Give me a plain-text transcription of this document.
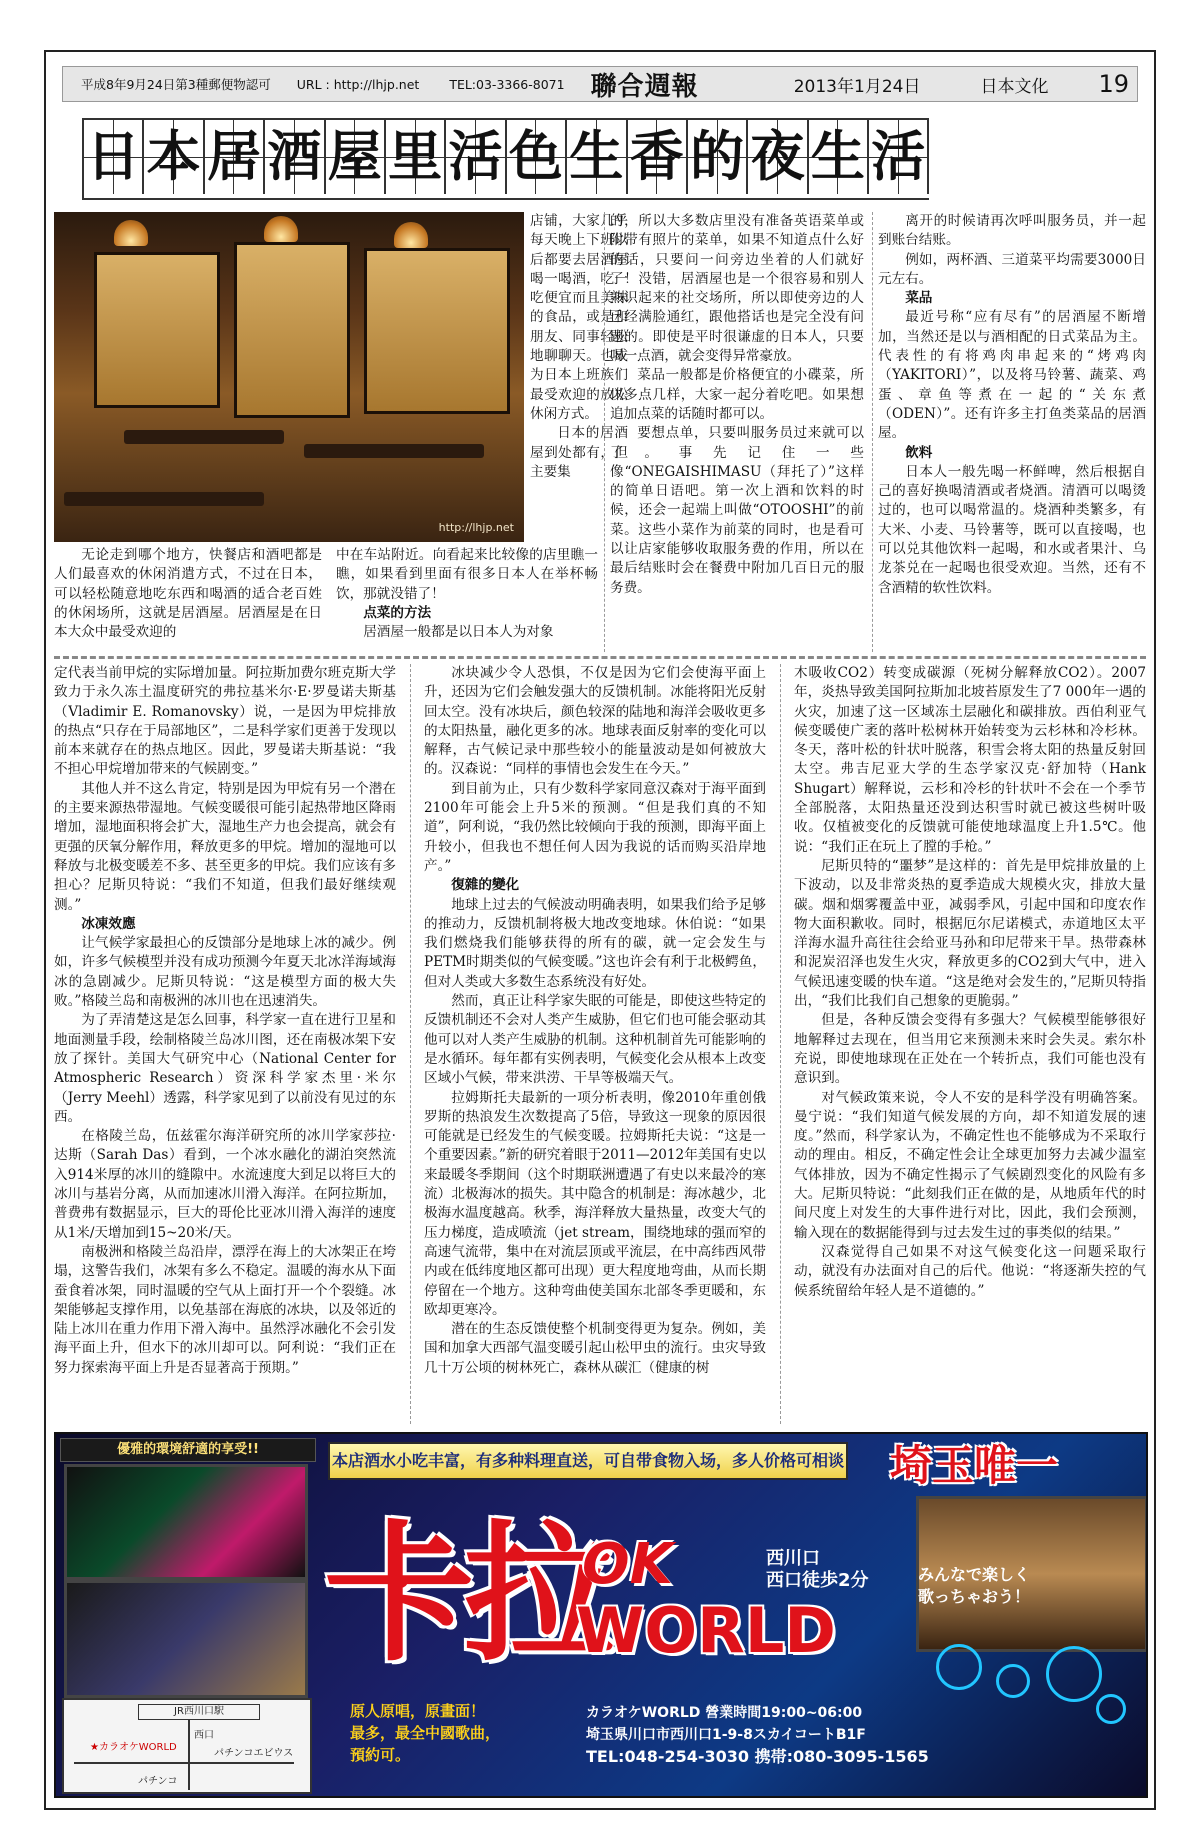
平成8年9月24日第3種郵便物認可	URL : http://lhjp.net	TEL:03-3366-8071	聯合週報	2013年1月24日	日本文化	19
日 本 居 酒 屋 里 活 色 生 香 的 夜 生 活
http://lhjp.net

店铺，大家几乎每天晚上下班以后都要去居酒屋喝一喝酒，吃一吃便宜而且美味的食品，或是和朋友、同事轻松地聊聊天。也成为日本上班族们最受欢迎的放松休闲方式。

日本的居酒屋到处都有，但主要集

无论走到哪个地方，快餐店和酒吧都是人们最喜欢的休闲消遣方式，不过在日本，可以轻松随意地吃东西和喝酒的适合老百姓的休闲场所，这就是居酒屋。居酒屋是在日本大众中最受欢迎的

中在车站附近。向看起来比较像的店里瞧一瞧，如果看到里面有很多日本人在举杯畅饮，那就没错了！

点菜的方法

居酒屋一般都是以日本人为对象

的，所以大多数店里没有准备英语菜单或附带有照片的菜单，如果不知道点什么好的话，只要问一问旁边坐着的人们就好了！没错，居酒屋也是一个很容易和别人熟识起来的社交场所，所以即使旁边的人已经满脸通红，跟他搭话也是完全没有问题的。即使是平时很谦虚的日本人，只要喝一点酒，就会变得异常豪放。

菜品一般都是价格便宜的小碟菜，所以多点几样，大家一起分着吃吧。如果想追加点菜的话随时都可以。

要想点单，只要叫服务员过来就可以了。事先记住一些像“ONEGAISHIMASU（拜托了）”这样的简单日语吧。第一次上酒和饮料的时候，还会一起端上叫做“OTOOSHI”的前菜。这些小菜作为前菜的同时，也是看可以让店家能够收取服务费的作用，所以在最后结账时会在餐费中附加几百日元的服务费。

离开的时候请再次呼叫服务员，并一起到账台结账。

例如，两杯酒、三道菜平均需要3000日元左右。

菜品

最近号称“应有尽有”的居酒屋不断增加，当然还是以与酒相配的日式菜品为主。代表性的有将鸡肉串起来的“烤鸡肉（YAKITORI）”，以及将马铃薯、蔬菜、鸡蛋、章鱼等煮在一起的“关东煮（ODEN）”。还有许多主打鱼类菜品的居酒屋。

飲料

日本人一般先喝一杯鲜啤，然后根据自己的喜好换喝清酒或者烧酒。清酒可以喝烫过的，也可以喝常温的。烧酒种类繁多，有大米、小麦、马铃薯等，既可以直接喝，也可以兑其他饮料一起喝，和水或者果汁、乌龙茶兑在一起喝也很受欢迎。当然，还有不含酒精的软性饮料。

定代表当前甲烷的实际增加量。阿拉斯加费尔班克斯大学致力于永久冻土温度研究的弗拉基米尔·E·罗曼诺夫斯基（Vladimir E. Romanovsky）说，一是因为甲烷排放的热点“只存在于局部地区”，二是科学家们更善于发现以前本来就存在的热点地区。因此，罗曼诺夫斯基说：“我不担心甲烷增加带来的气候剧变。”

其他人并不这么肯定，特别是因为甲烷有另一个潜在的主要来源热带湿地。气候变暖很可能引起热带地区降雨增加，湿地面积将会扩大，湿地生产力也会提高，就会有更强的厌氧分解作用，释放更多的甲烷。增加的湿地可以释放与北极变暖差不多、甚至更多的甲烷。我们应该有多担心？尼斯贝特说：“我们不知道，但我们最好继续观测。”

冰凍效應

让气候学家最担心的反馈部分是地球上冰的减少。例如，许多气候模型并没有成功预测今年夏天北冰洋海域海冰的急剧减少。尼斯贝特说：“这是模型方面的极大失败。”格陵兰岛和南极洲的冰川也在迅速消失。

为了弄清楚这是怎么回事，科学家一直在进行卫星和地面测量手段，绘制格陵兰岛冰川图，还在南极冰架下安放了探针。美国大气研究中心（National Center for Atmospheric Research）资深科学家杰里·米尔（Jerry Meehl）透露，科学家见到了以前没有见过的东西。

在格陵兰岛，伍兹霍尔海洋研究所的冰川学家莎拉·达斯（Sarah Das）看到，一个冰水融化的湖泊突然流入914米厚的冰川的缝隙中。水流速度大到足以将巨大的冰川与基岩分离，从而加速冰川滑入海洋。在阿拉斯加，普费弗有数据显示，巨大的哥伦比亚冰川滑入海洋的速度从1米/天增加到15~20米/天。

南极洲和格陵兰岛沿岸，漂浮在海上的大冰架正在垮塌，这警告我们，冰架有多么不稳定。温暖的海水从下面蚕食着冰架，同时温暖的空气从上面打开一个个裂缝。冰架能够起支撑作用，以免基部在海底的冰块，以及邻近的陆上冰川在重力作用下滑入海中。虽然浮冰融化不会引发海平面上升，但水下的冰川却可以。阿利说：“我们正在努力探索海平面上升是否显著高于预期。”

冰块减少令人恐惧，不仅是因为它们会使海平面上升，还因为它们会触发强大的反馈机制。冰能将阳光反射回太空。没有冰块后，颜色较深的陆地和海洋会吸收更多的太阳热量，融化更多的冰。地球表面反射率的变化可以解释，古气候记录中那些较小的能量波动是如何被放大的。汉森说：“同样的事情也会发生在今天。”

到目前为止，只有少数科学家同意汉森对于海平面到2100年可能会上升5米的预测。“但是我们真的不知道”，阿利说，“我仍然比较倾向于我的预测，即海平面上升较小，但我也不想任何人因为我说的话而购买沿岸地产。”

復雜的變化

地球上过去的气候波动明确表明，如果我们给予足够的推动力，反馈机制将极大地改变地球。休伯说：“如果我们燃烧我们能够获得的所有的碳，就一定会发生与PETM时期类似的气候变暖。”这也许会有利于北极鳄鱼，但对人类或大多数生态系统没有好处。

然而，真正让科学家失眠的可能是，即使这些特定的反馈机制还不会对人类产生威胁，但它们也可能会驱动其他可以对人类产生威胁的机制。这种机制首先可能影响的是水循环。每年都有实例表明，气候变化会从根本上改变区域小气候，带来洪涝、干旱等极端天气。

拉姆斯托夫最新的一项分析表明，像2010年重创俄罗斯的热浪发生次数提高了5倍，导致这一现象的原因很可能就是已经发生的气候变暖。拉姆斯托夫说：“这是一个重要因素。”新的研究着眼于2011—2012年美国有史以来最暖冬季期间（这个时期联洲遭遇了有史以来最冷的寒流）北极海冰的损失。其中隐含的机制是：海冰越少，北极海水温度越高。秋季，海洋释放大量热量，改变大气的压力梯度，造成喷流（jet stream，围绕地球的强而窄的高速气流带，集中在对流层顶或平流层，在中高纬西风带内或在低纬度地区都可出现）更大程度地弯曲，从而长期停留在一个地方。这种弯曲使美国东北部冬季更暖和，东欧却更寒冷。

潜在的生态反馈使整个机制变得更为复杂。例如，美国和加拿大西部气温变暖引起山松甲虫的流行。虫灾导致几十万公顷的树林死亡，森林从碳汇（健康的树

木吸收CO2）转变成碳源（死树分解释放CO2）。2007年，炎热导致美国阿拉斯加北坡苔原发生了7 000年一遇的火灾，加速了这一区域冻土层融化和碳排放。西伯利亚气候变暖使广袤的落叶松树林开始转变为云杉林和冷杉林。冬天，落叶松的针状叶脱落，积雪会将太阳的热量反射回太空。弗吉尼亚大学的生态学家汉克·舒加特（Hank Shugart）解释说，云杉和冷杉的针状叶不会在一个季节全部脱落，太阳热量还没到达积雪时就已被这些树叶吸收。仅植被变化的反馈就可能使地球温度上升1.5℃。他说：“我们正在玩上了膛的手枪。”

尼斯贝特的“噩梦”是这样的：首先是甲烷排放量的上下波动，以及非常炎热的夏季造成大规模火灾，排放大量碳。烟和烟雾覆盖中亚，减弱季风，引起中国和印度农作物大面积歉收。同时，根据厄尔尼诺模式，赤道地区太平洋海水温升高往往会给亚马孙和印尼带来干旱。热带森林和泥炭沼泽也发生火灾，释放更多的CO2到大气中，进入气候迅速变暖的快车道。“这是绝对会发生的，”尼斯贝特指出，“我们比我们自己想象的更脆弱。”

但是，各种反馈会变得有多强大？气候模型能够很好地解释过去现在，但当用它来预测未来时会失灵。索尔朴充说，即使地球现在正处在一个转折点，我们可能也没有意识到。

对气候政策来说，令人不安的是科学没有明确答案。曼宁说：“我们知道气候发展的方向，却不知道发展的速度。”然而，科学家认为，不确定性也不能够成为不采取行动的理由。相反，不确定性会让全球更加努力去减少温室气体排放，因为不确定性揭示了气候剧烈变化的风险有多大。尼斯贝特说：“此刻我们正在做的是，从地质年代的时间尺度上对发生的大事件进行对比，因此，我们会预测，输入现在的数据能得到与过去发生过的事类似的结果。”

汉森觉得自己如果不对这气候变化这一问题采取行动，就没有办法面对自己的后代。他说：“将逐渐失控的气候系统留给年轻人是不道德的。”

優雅的環境舒適的享受!!
本店酒水小吃丰富，有多种料理直送，可自带食物入场，多人价格可相谈	埼玉唯一
卡拉
OK
WORLD
西川口
西口徒歩2分	みんなで楽しく
歌っちゃおう！
JR西川口駅
西口
★カラオケWORLD
パチンコエビウス
パチンコ
原人原唱，原畫面！
最多，最全中國歌曲，
預約可。
カラオケWORLD 營業時間19:00~06:00
埼玉県川口市西川口1-9-8スカイコートB1F
TEL:048-254-3030 携帯:080-3095-1565
